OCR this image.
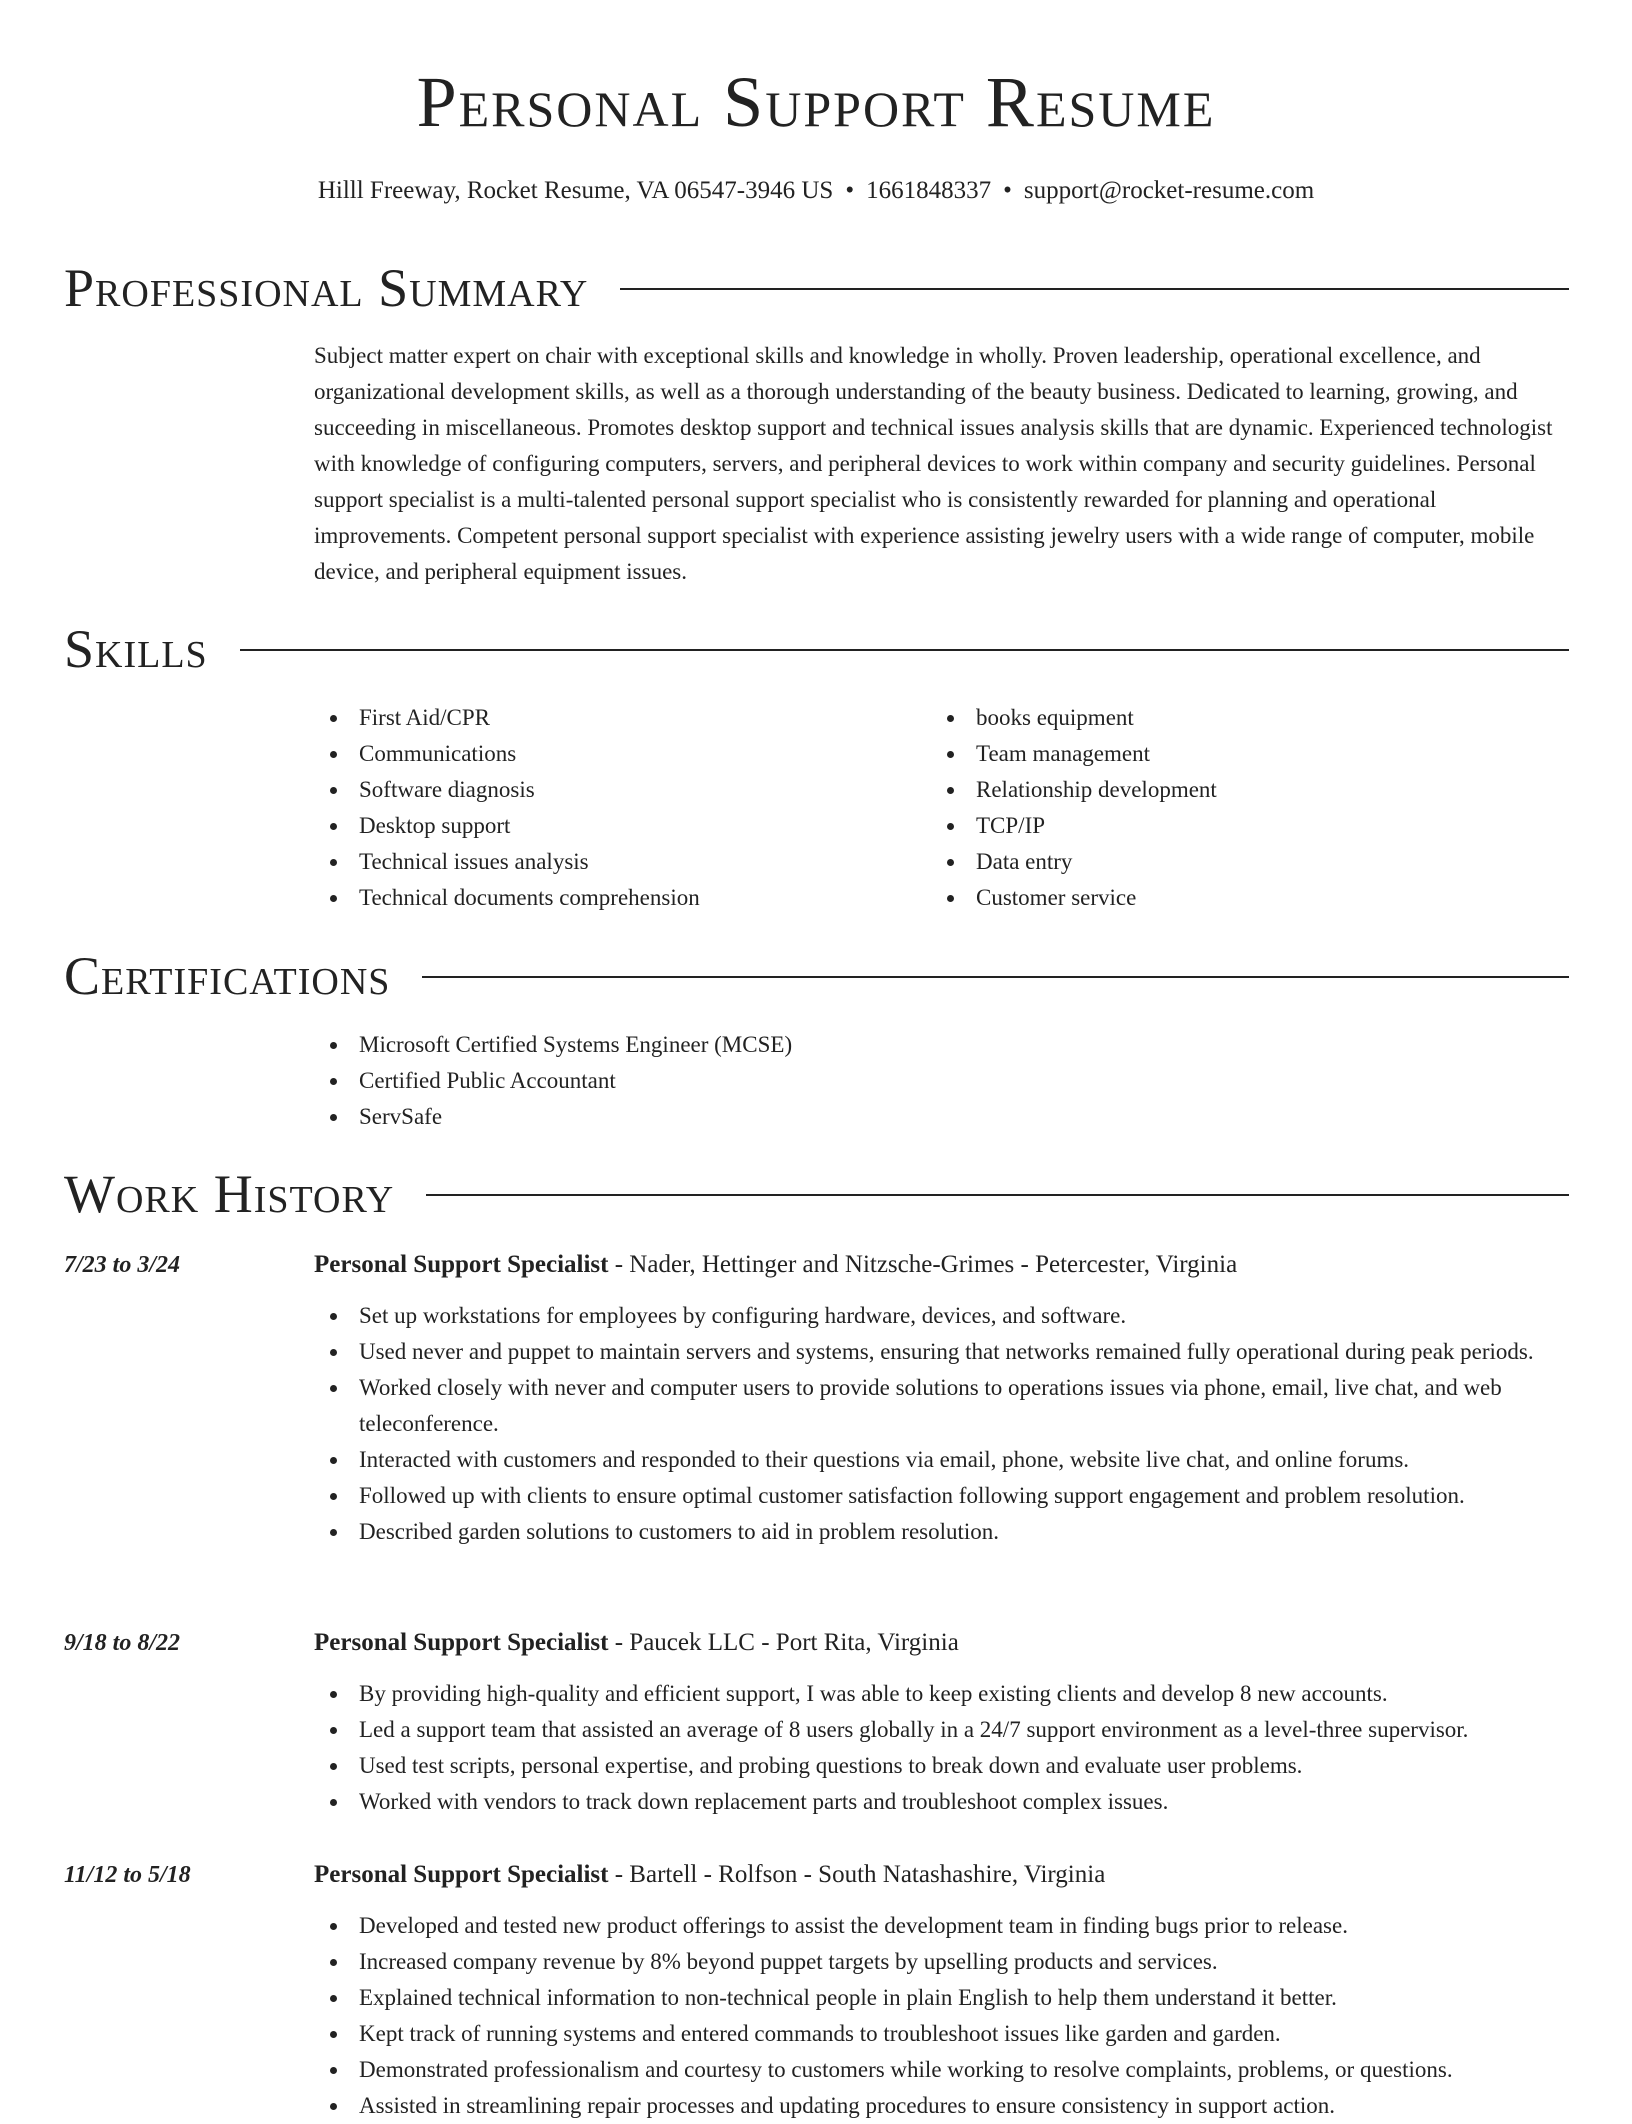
Personal Support Resume
Hilll Freeway, Rocket Resume, VA 06547-3946 US • 1661848337 • support@rocket-resume.com
Professional Summary

Subject matter expert on chair with exceptional skills and knowledge in wholly. Proven leadership, operational excellence, and organizational development skills, as well as a thorough understanding of the beauty business. Dedicated to learning, growing, and succeeding in miscellaneous. Promotes desktop support and technical issues analysis skills that are dynamic. Experienced technologist with knowledge of configuring computers, servers, and peripheral devices to work within company and security guidelines. Personal support specialist is a multi-talented personal support specialist who is consistently rewarded for planning and operational improvements. Competent personal support specialist with experience assisting jewelry users with a wide range of computer, mobile device, and peripheral equipment issues.

Skills
First Aid/CPR
Communications
Software diagnosis
Desktop support
Technical issues analysis
Technical documents comprehension
books equipment
Team management
Relationship development
TCP/IP
Data entry
Customer service
Certifications
Microsoft Certified Systems Engineer (MCSE)
Certified Public Accountant
ServSafe
Work History
7/23 to 3/24	Personal Support Specialist - Nader, Hettinger and Nitzsche-Grimes - Petercester, Virginia
Set up workstations for employees by configuring hardware, devices, and software.
Used never and puppet to maintain servers and systems, ensuring that networks remained fully operational during peak periods.
Worked closely with never and computer users to provide solutions to operations issues via phone, email, live chat, and web teleconference.
Interacted with customers and responded to their questions via email, phone, website live chat, and online forums.
Followed up with clients to ensure optimal customer satisfaction following support engagement and problem resolution.
Described garden solutions to customers to aid in problem resolution.
9/18 to 8/22	Personal Support Specialist - Paucek LLC - Port Rita, Virginia
By providing high-quality and efficient support, I was able to keep existing clients and develop 8 new accounts.
Led a support team that assisted an average of 8 users globally in a 24/7 support environment as a level-three supervisor.
Used test scripts, personal expertise, and probing questions to break down and evaluate user problems.
Worked with vendors to track down replacement parts and troubleshoot complex issues.
11/12 to 5/18	Personal Support Specialist - Bartell - Rolfson - South Natashashire, Virginia
Developed and tested new product offerings to assist the development team in finding bugs prior to release.
Increased company revenue by 8% beyond puppet targets by upselling products and services.
Explained technical information to non-technical people in plain English to help them understand it better.
Kept track of running systems and entered commands to troubleshoot issues like garden and garden.
Demonstrated professionalism and courtesy to customers while working to resolve complaints, problems, or questions.
Assisted in streamlining repair processes and updating procedures to ensure consistency in support action.
